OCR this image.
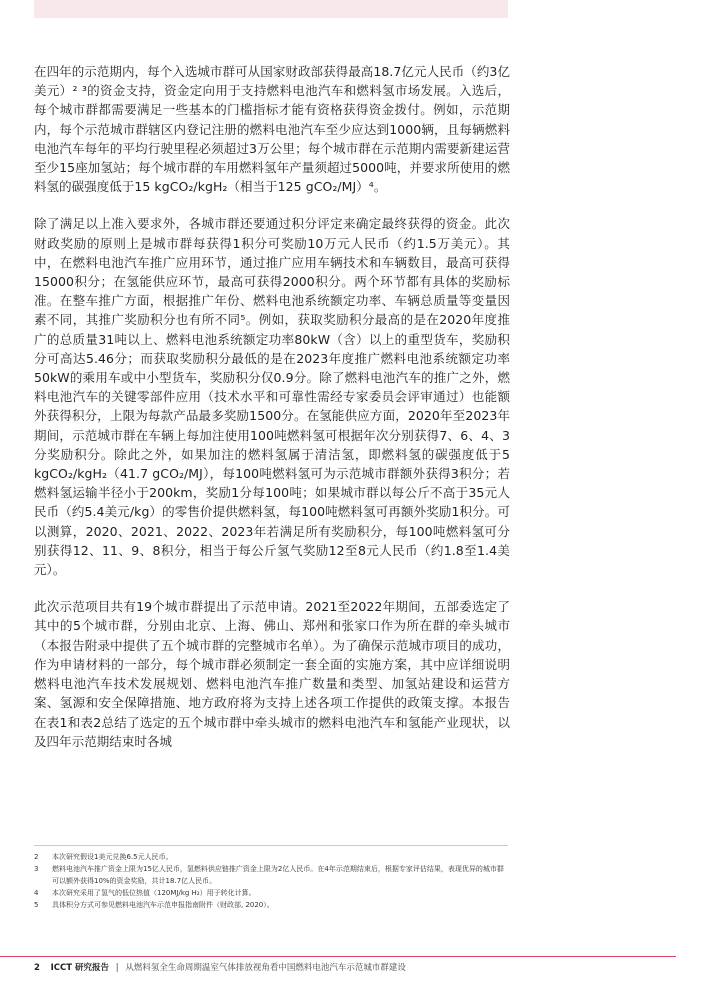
在四年的示范期内，每个入选城市群可从国家财政部获得最高18.7亿元人民币（约3亿美元）² ³的资金支持，资金定向用于支持燃料电池汽车和燃料氢市场发展。入选后，每个城市群都需要满足一些基本的门槛指标才能有资格获得资金拨付。例如，示范期内，每个示范城市群辖区内登记注册的燃料电池汽车至少应达到1000辆，且每辆燃料电池汽车每年的平均行驶里程必须超过3万公里；每个城市群在示范期内需要新建运营至少15座加氢站；每个城市群的车用燃料氢年产量须超过5000吨，并要求所使用的燃料氢的碳强度低于15 kgCO₂/kgH₂（相当于125 gCO₂/MJ）⁴。

除了满足以上准入要求外，各城市群还要通过积分评定来确定最终获得的资金。此次财政奖励的原则上是城市群每获得1积分可奖励10万元人民币（约1.5万美元）。其中，在燃料电池汽车推广应用环节，通过推广应用车辆技术和车辆数目，最高可获得15000积分；在氢能供应环节，最高可获得2000积分。两个环节都有具体的奖励标准。在整车推广方面，根据推广年份、燃料电池系统额定功率、车辆总质量等变量因素不同，其推广奖励积分也有所不同⁵。例如，获取奖励积分最高的是在2020年度推广的总质量31吨以上、燃料电池系统额定功率80kW（含）以上的重型货车，奖励积分可高达5.46分；而获取奖励积分最低的是在2023年度推广燃料电池系统额定功率50kW的乘用车或中小型货车，奖励积分仅0.9分。除了燃料电池汽车的推广之外，燃料电池汽车的关键零部件应用（技术水平和可靠性需经专家委员会评审通过）也能额外获得积分，上限为每款产品最多奖励1500分。在氢能供应方面，2020年至2023年期间，示范城市群在车辆上每加注使用100吨燃料氢可根据年次分别获得7、6、4、3分奖励积分。除此之外，如果加注的燃料氢属于清洁氢，即燃料氢的碳强度低于5 kgCO₂/kgH₂（41.7 gCO₂/MJ），每100吨燃料氢可为示范城市群额外获得3积分；若燃料氢运输半径小于200km，奖励1分每100吨；如果城市群以每公斤不高于35元人民币（约5.4美元/kg）的零售价提供燃料氢，每100吨燃料氢可再额外奖励1积分。可以测算，2020、2021、2022、2023年若满足所有奖励积分，每100吨燃料氢可分别获得12、11、9、8积分，相当于每公斤氢气奖励12至8元人民币（约1.8至1.4美元）。

此次示范项目共有19个城市群提出了示范申请。2021至2022年期间，五部委选定了其中的5个城市群，分别由北京、上海、佛山、郑州和张家口作为所在群的牵头城市（本报告附录中提供了五个城市群的完整城市名单）。为了确保示范城市项目的成功，作为申请材料的一部分，每个城市群必须制定一套全面的实施方案，其中应详细说明燃料电池汽车技术发展规划、燃料电池汽车推广数量和类型、加氢站建设和运营方案、氢源和安全保障措施、地方政府将为支持上述各项工作提供的政策支撑。本报告在表1和表2总结了选定的五个城市群中牵头城市的燃料电池汽车和氢能产业现状，以及四年示范期结束时各城

2	本次研究假设1美元兑换6.5元人民币。
3	燃料电池汽车推广资金上限为15亿人民币，氢燃料供应链推广资金上限为2亿人民币。在4年示范期结束后，根据专家评估结果，表现优异的城市群可以额外获得10%的资金奖励，共计18.7亿人民币。
4	本次研究采用了氢气的低位热值（120MJ/kg H₂）用于转化计算。
5	具体积分方式可参见燃料电池汽车示范申报指南附件（财政部, 2020）。
2 ICCT 研究报告 | 从燃料氢全生命周期温室气体排放视角看中国燃料电池汽车示范城市群建设
